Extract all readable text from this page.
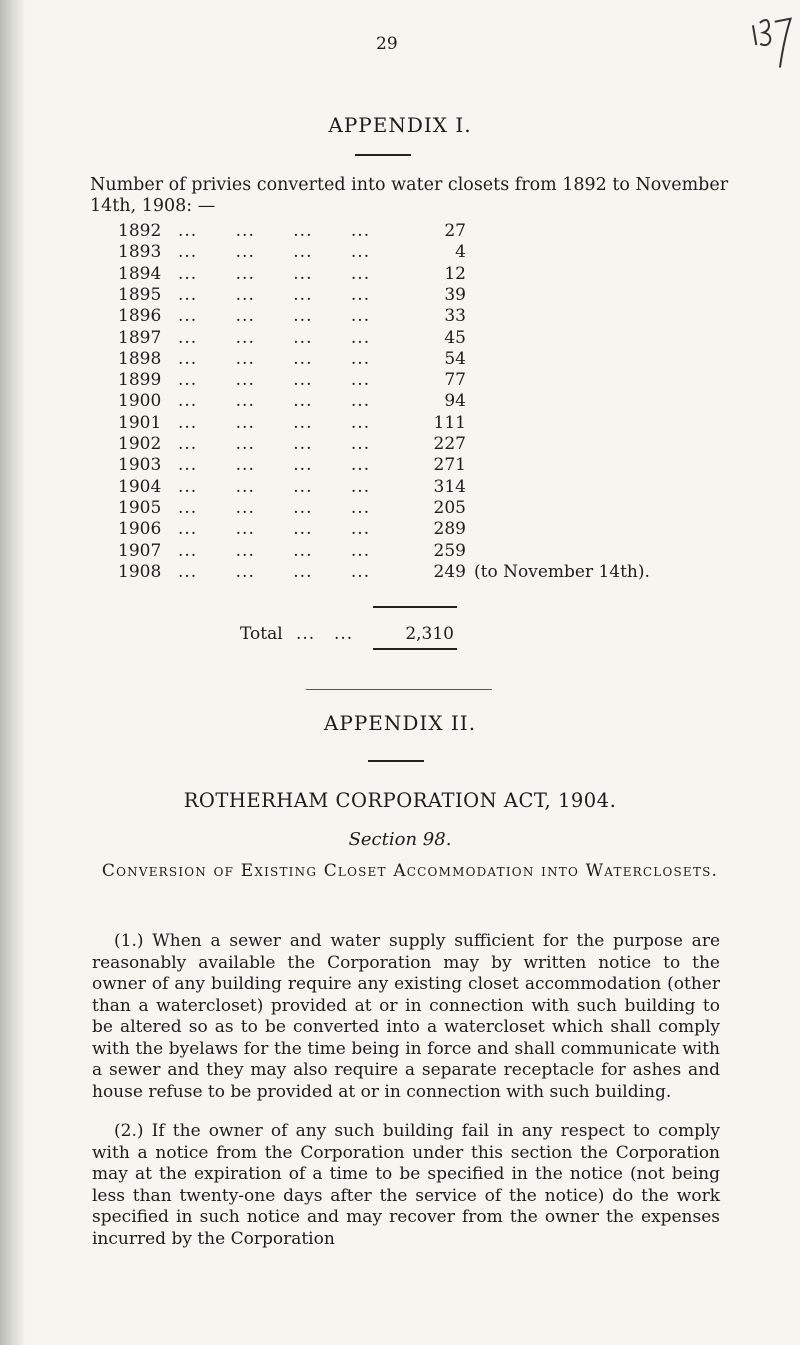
29
APPENDIX I.
Number of privies converted into water closets from 1892 to November 14th, 1908: —
1892 ...      ...      ...      ...	27
1893 ...      ...      ...      ...	4
1894 ...      ...      ...      ...	12
1895 ...      ...      ...      ...	39
1896 ...      ...      ...      ...	33
1897 ...      ...      ...      ...	45
1898 ...      ...      ...      ...	54
1899 ...      ...      ...      ...	77
1900 ...      ...      ...      ...	94
1901 ...      ...      ...      ...	111
1902 ...      ...      ...      ...	227
1903 ...      ...      ...      ...	271
1904 ...      ...      ...      ...	314
1905 ...      ...      ...      ...	205
1906 ...      ...      ...      ...	289
1907 ...      ...      ...      ...	259
1908 ...      ...      ...      ...	249 (to November 14th).
Total ... ...	2,310
APPENDIX II.
ROTHERHAM CORPORATION ACT, 1904.
Section 98.
Conversion of Existing Closet Accommodation into Waterclosets.
(1.) When a sewer and water supply sufficient for the purpose are reasonably available the Corporation may by written notice to the owner of any building require any existing closet accommodation (other than a watercloset) provided at or in connection with such building to be altered so as to be converted into a watercloset which shall comply with the byelaws for the time being in force and shall communicate with a sewer and they may also require a separate receptacle for ashes and house refuse to be provided at or in connection with such building.
(2.) If the owner of any such building fail in any respect to comply with a notice from the Corporation under this section the Corporation may at the expiration of a time to be specified in the notice (not being less than twenty-one days after the service of the notice) do the work specified in such notice and may recover from the owner the expenses incurred by the Corporation
